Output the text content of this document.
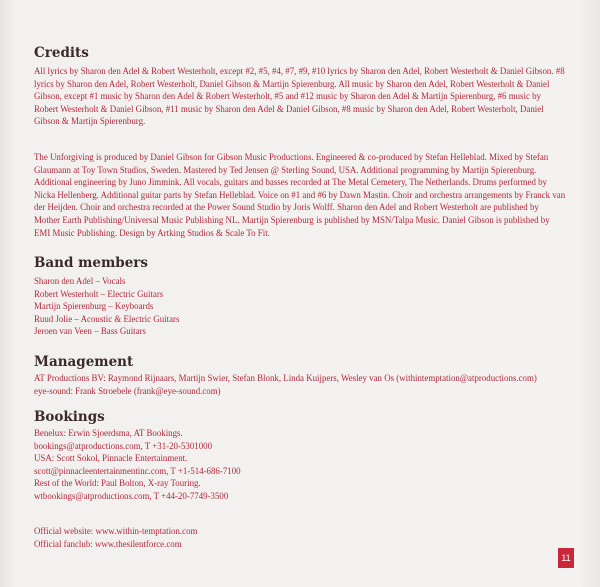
Credits

All lyrics by Sharon den Adel & Robert Westerholt, except #2, #5, #4, #7, #9, #10 lyrics by Sharon den Adel, Robert Westerholt & Daniel Gibson. #8 lyrics by Sharon den Adel, Robert Westerholt, Daniel Gibson & Martijn Spierenburg. All music by Sharon den Adel, Robert Westerholt & Daniel Gibson, except #1 music by Sharon den Adel & Robert Westerholt, #5 and #12 music by Sharon den Adel & Martijn Spierenburg, #6 music by Robert Westerholt & Daniel Gibson, #11 music by Sharon den Adel & Daniel Gibson, #8 music by Sharon den Adel, Robert Westerholt, Daniel Gibson & Martijn Spierenburg.

The Unforgiving is produced by Daniel Gibson for Gibson Music Productions. Engineered & co-produced by Stefan Helleblad. Mixed by Stefan Glaumann at Toy Town Studios, Sweden. Mastered by Ted Jensen @ Sterling Sound, USA. Additional programming by Martijn Spierenburg. Additional engineering by Juno Jimmink. All vocals, guitars and basses recorded at The Metal Cemetery, The Netherlands. Drums performed by Nicka Hellenberg. Additional guitar parts by Stefan Helleblad. Voice on #1 and #6 by Dawn Mastin. Choir and orchestra arrangements by Franck van der Heijden. Choir and orchestra recorded at the Power Sound Studio by Joris Wolff. Sharon den Adel and Robert Westerholt are published by Mother Earth Publishing/Universal Music Publishing NL. Martijn Spierenburg is published by MSN/Talpa Music. Daniel Gibson is published by EMI Music Publishing. Design by Artking Studios & Scale To Fit.

Band members
Sharon den Adel – Vocals
Robert Westerholt – Electric Guitars
Martijn Spierenburg – Keyboards
Ruud Jolie – Acoustic & Electric Guitars
Jeroen van Veen – Bass Guitars
Management
AT Productions BV: Raymond Rijnaars, Martijn Swier, Stefan Blonk, Linda Kuijpers, Wesley van Os (withintemptation@atproductions.com)
eye-sound: Frank Stroebele (frank@eye-sound.com)
Bookings
Benelux: Erwin Sjoerdsma, AT Bookings.
bookings@atproductions.com, T +31-20-5301000
USA: Scott Sokol, Pinnacle Entertainment.
scott@pinnacleentertainmentinc.com, T +1-514-686-7100
Rest of the World: Paul Bolton, X-ray Touring.
wtbookings@atproductions.com, T +44-20-7749-3500
Official website: www.within-temptation.com
Official fanclub: www.thesilentforce.com
11
